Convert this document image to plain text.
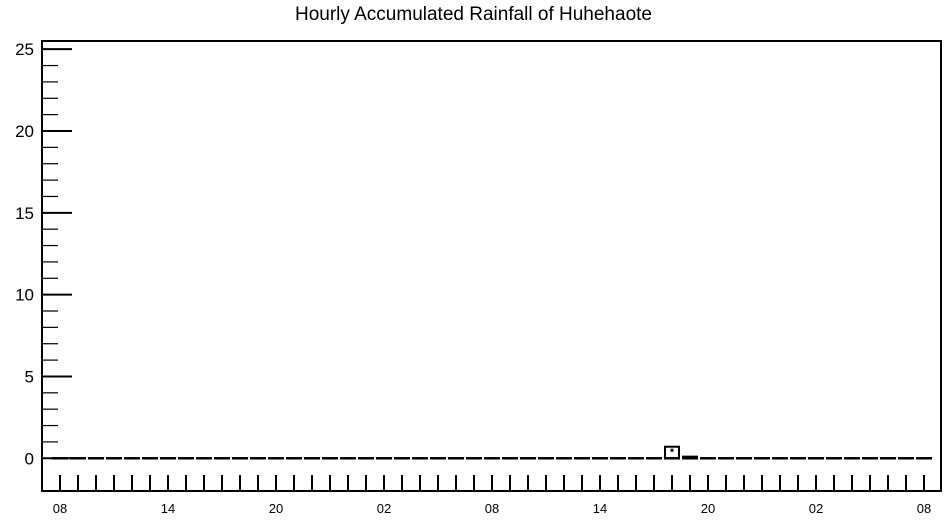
Hourly Accumulated Rainfall of Huhehaote
0
5
10
15
20
25
08	14	20	02	08	14	20	02	08
